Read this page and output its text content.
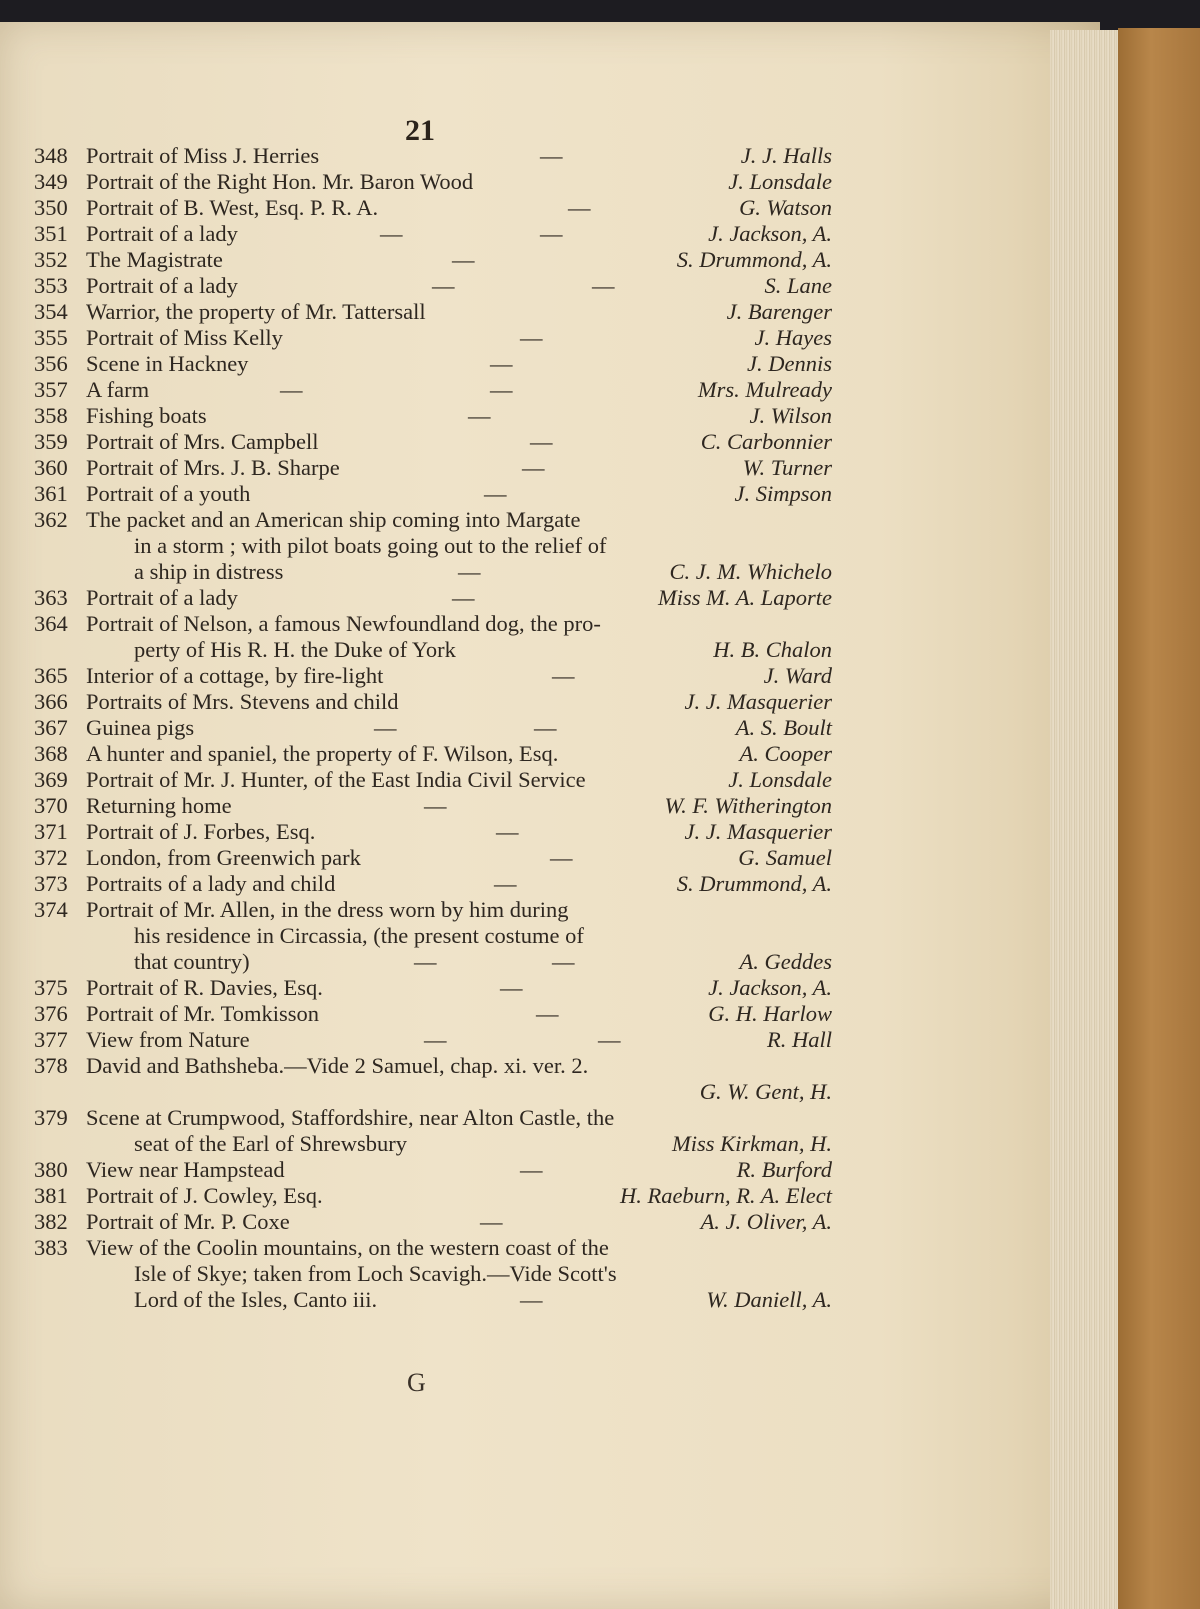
21
348 Portrait of Miss J. Herries	—	J. J. Halls
349 Portrait of the Right Hon. Mr. Baron Wood	J. Lonsdale
350 Portrait of B. West, Esq. P. R. A.	—	G. Watson
351 Portrait of a lady	—	—	J. Jackson, A.
352 The Magistrate	—	S. Drummond, A.
353 Portrait of a lady	—	—	S. Lane
354 Warrior, the property of Mr. Tattersall	J. Barenger
355 Portrait of Miss Kelly	—	J. Hayes
356 Scene in Hackney	—	J. Dennis
357 A farm	—	—	Mrs. Mulready
358 Fishing boats	—	J. Wilson
359 Portrait of Mrs. Campbell	—	C. Carbonnier
360 Portrait of Mrs. J. B. Sharpe	—	W. Turner
361 Portrait of a youth	—	J. Simpson
362 The packet and an American ship coming into Margate
in a storm ; with pilot boats going out to the relief of
a ship in distress	—	C. J. M. Whichelo
363 Portrait of a lady	—	Miss M. A. Laporte
364 Portrait of Nelson, a famous Newfoundland dog, the pro-
perty of His R. H. the Duke of York	H. B. Chalon
365 Interior of a cottage, by fire-light	—	J. Ward
366 Portraits of Mrs. Stevens and child	J. J. Masquerier
367 Guinea pigs	—	—	A. S. Boult
368 A hunter and spaniel, the property of F. Wilson, Esq.	A. Cooper
369 Portrait of Mr. J. Hunter, of the East India Civil Service	J. Lonsdale
370 Returning home	—	W. F. Witherington
371 Portrait of J. Forbes, Esq.	—	J. J. Masquerier
372 London, from Greenwich park	—	G. Samuel
373 Portraits of a lady and child	—	S. Drummond, A.
374 Portrait of Mr. Allen, in the dress worn by him during
his residence in Circassia, (the present costume of
that country)	—	—	A. Geddes
375 Portrait of R. Davies, Esq.	—	J. Jackson, A.
376 Portrait of Mr. Tomkisson	—	G. H. Harlow
377 View from Nature	—	—	R. Hall
378 David and Bathsheba.—Vide 2 Samuel, chap. xi. ver. 2.
G. W. Gent, H.
379 Scene at Crumpwood, Staffordshire, near Alton Castle, the
seat of the Earl of Shrewsbury	Miss Kirkman, H.
380 View near Hampstead	—	R. Burford
381 Portrait of J. Cowley, Esq.	H. Raeburn, R. A. Elect
382 Portrait of Mr. P. Coxe	—	A. J. Oliver, A.
383 View of the Coolin mountains, on the western coast of the
Isle of Skye; taken from Loch Scavigh.—Vide Scott's
Lord of the Isles, Canto iii.	—	W. Daniell, A.
G
